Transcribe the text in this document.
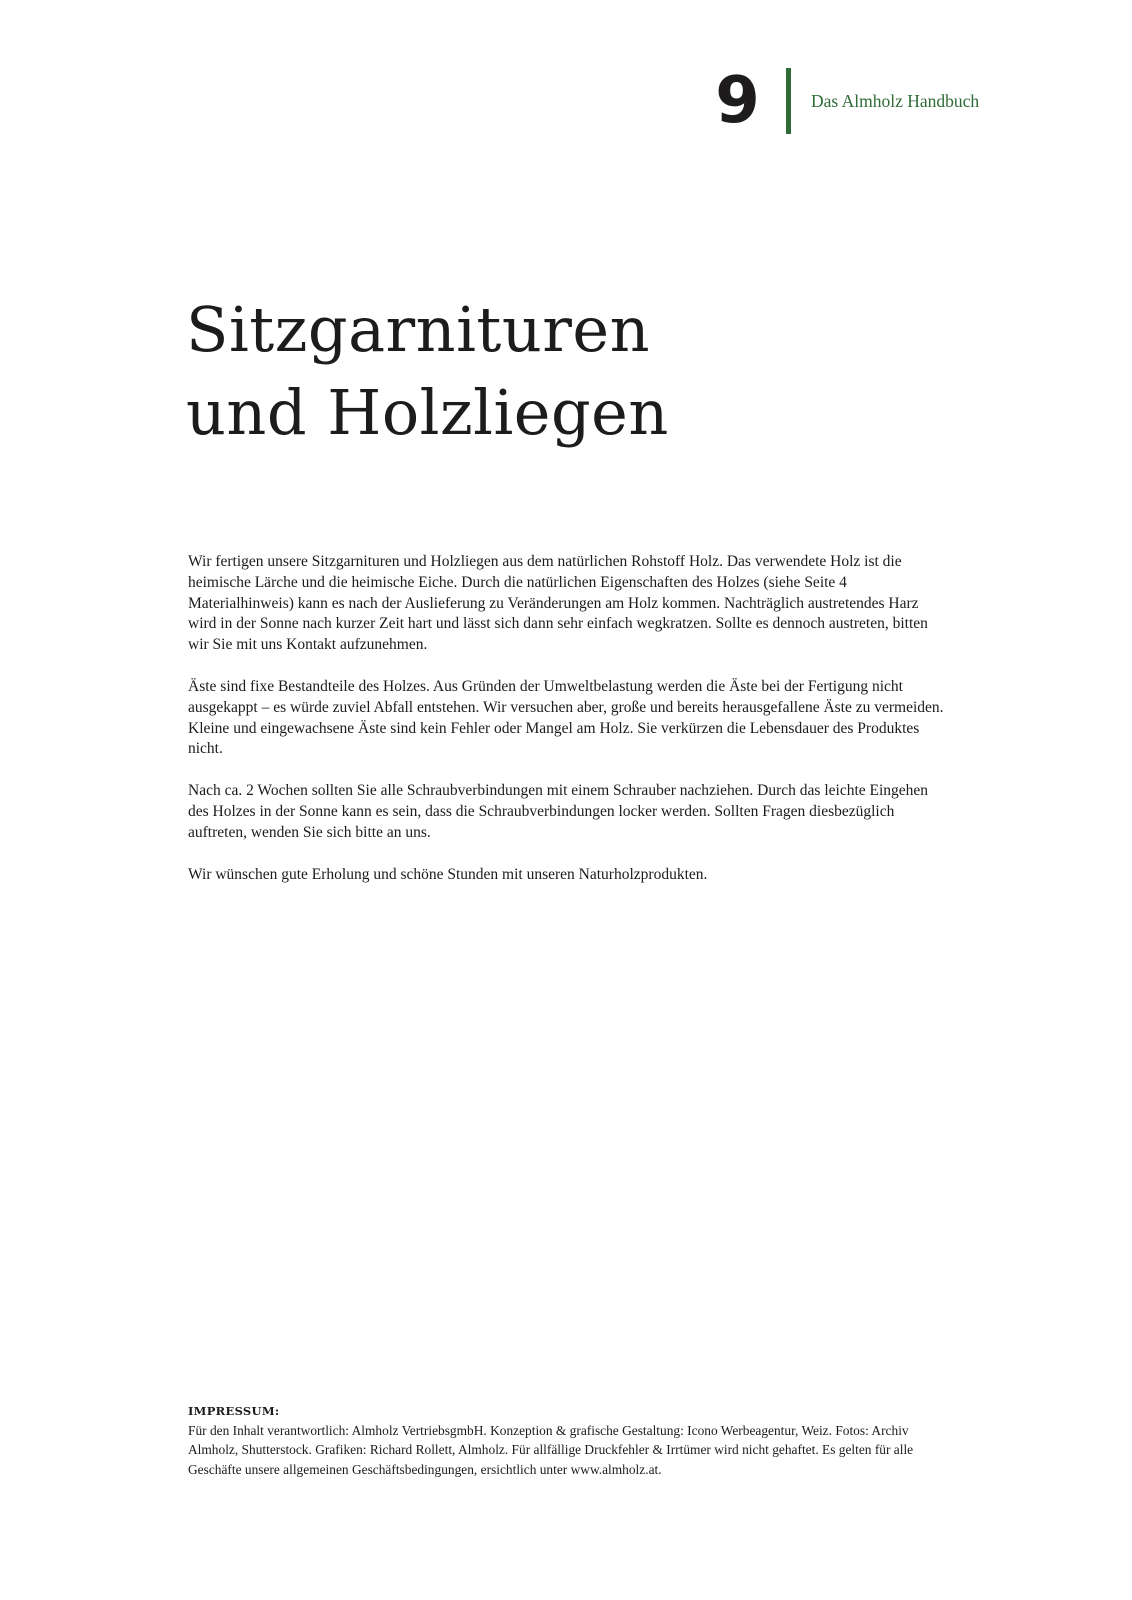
9	Das Almholz Handbuch
Sitzgarnituren
und Holzliegen

Wir fertigen unsere Sitzgarnituren und Holzliegen aus dem natürlichen Rohstoff Holz. Das verwendete Holz ist die heimische Lärche und die heimische Eiche. Durch die natürlichen Eigenschaften des Holzes (siehe Seite 4 Materialhinweis) kann es nach der Auslieferung zu Veränderungen am Holz kommen. Nachträglich austretendes Harz wird in der Sonne nach kurzer Zeit hart und lässt sich dann sehr einfach wegkratzen. Sollte es dennoch austreten, bitten wir Sie mit uns Kontakt aufzunehmen.

Äste sind fixe Bestandteile des Holzes. Aus Gründen der Umweltbelastung werden die Äste bei der Fertigung nicht ausgekappt – es würde zuviel Abfall entstehen. Wir versuchen aber, große und bereits herausgefallene Äste zu vermeiden. Kleine und eingewachsene Äste sind kein Fehler oder Mangel am Holz. Sie verkürzen die Lebensdauer des Produktes nicht.

Nach ca. 2 Wochen sollten Sie alle Schraubverbindungen mit einem Schrauber nachziehen. Durch das leichte Eingehen des Holzes in der Sonne kann es sein, dass die Schraubverbindungen locker werden. Sollten Fragen diesbezüglich auftreten, wenden Sie sich bitte an uns.

Wir wünschen gute Erholung und schöne Stunden mit unseren Naturholzprodukten.

IMPRESSUM:

Für den Inhalt verantwortlich: Almholz VertriebsgmbH. Konzeption & grafische Gestaltung: Icono Werbeagentur, Weiz. Fotos: Archiv Almholz, Shutterstock. Grafiken: Richard Rollett, Almholz. Für allfällige Druckfehler & Irrtümer wird nicht gehaftet. Es gelten für alle Geschäfte unsere allgemeinen Geschäftsbedingungen, ersichtlich unter www.almholz.at.
